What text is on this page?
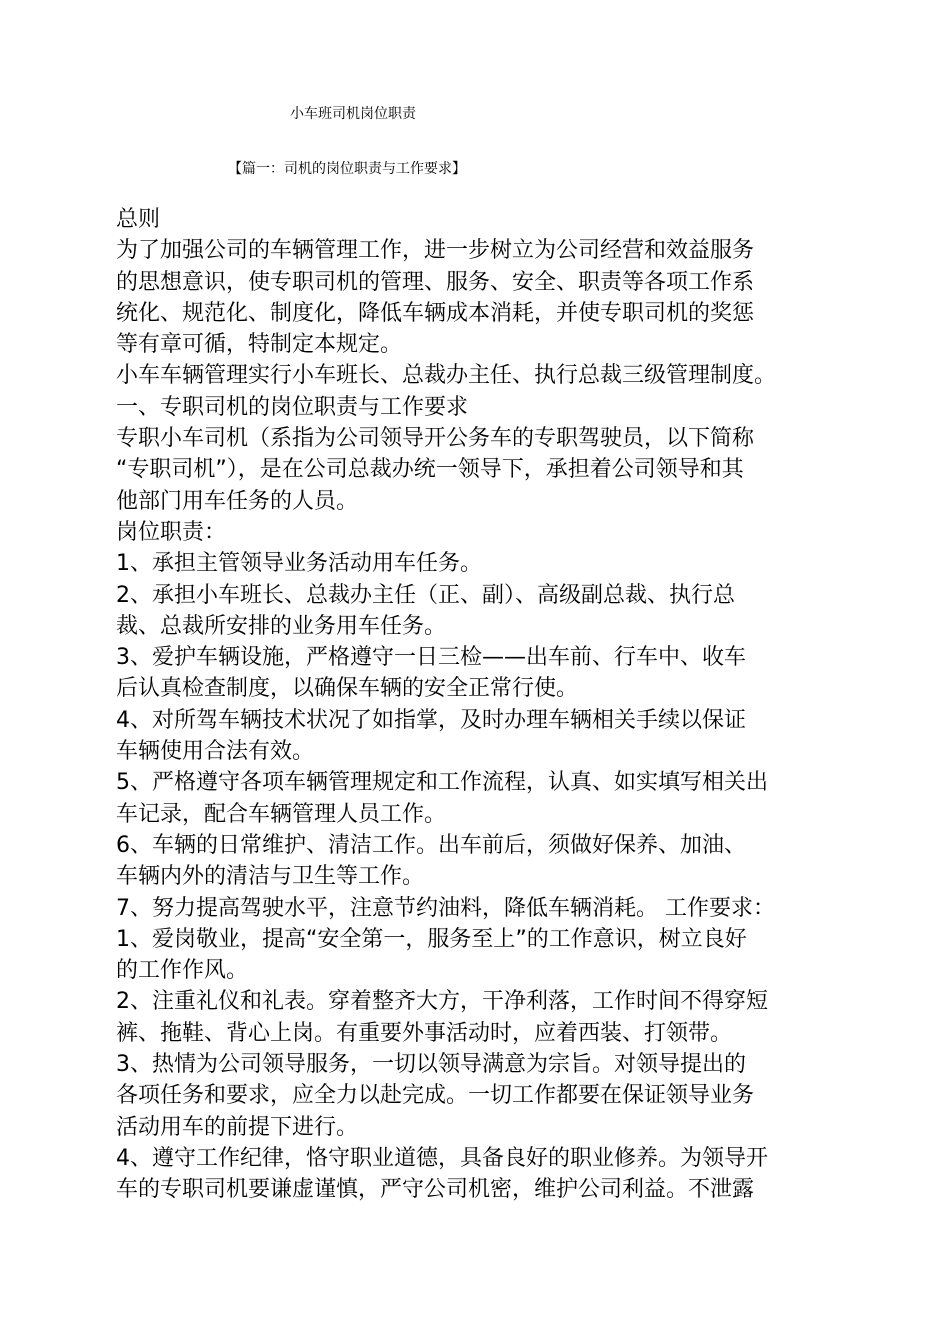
小车班司机岗位职责
【篇一：司机的岗位职责与工作要求】
总则
为了加强公司的车辆管理工作，进一步树立为公司经营和效益服务
的思想意识，使专职司机的管理、服务、安全、职责等各项工作系
统化、规范化、制度化，降低车辆成本消耗，并使专职司机的奖惩
等有章可循，特制定本规定。
小车车辆管理实行小车班长、总裁办主任、执行总裁三级管理制度。
一、专职司机的岗位职责与工作要求
专职小车司机（系指为公司领导开公务车的专职驾驶员，以下简称
“专职司机”），是在公司总裁办统一领导下，承担着公司领导和其
他部门用车任务的人员。
岗位职责：
1、承担主管领导业务活动用车任务。
2、承担小车班长、总裁办主任（正、副）、高级副总裁、执行总
裁、总裁所安排的业务用车任务。
3、爱护车辆设施，严格遵守一日三检——出车前、行车中、收车
后认真检查制度，以确保车辆的安全正常行使。
4、对所驾车辆技术状况了如指掌，及时办理车辆相关手续以保证
车辆使用合法有效。
5、严格遵守各项车辆管理规定和工作流程，认真、如实填写相关出
车记录，配合车辆管理人员工作。
6、车辆的日常维护、清洁工作。出车前后，须做好保养、加油、
车辆内外的清洁与卫生等工作。
7、努力提高驾驶水平，注意节约油料，降低车辆消耗。 工作要求：
1、爱岗敬业，提高“安全第一，服务至上”的工作意识，树立良好
的工作作风。
2、注重礼仪和礼表。穿着整齐大方，干净利落，工作时间不得穿短
裤、拖鞋、背心上岗。有重要外事活动时，应着西装、打领带。
3、热情为公司领导服务，一切以领导满意为宗旨。对领导提出的
各项任务和要求，应全力以赴完成。一切工作都要在保证领导业务
活动用车的前提下进行。
4、遵守工作纪律，恪守职业道德，具备良好的职业修养。为领导开
车的专职司机要谦虚谨慎，严守公司机密，维护公司利益。不泄露
